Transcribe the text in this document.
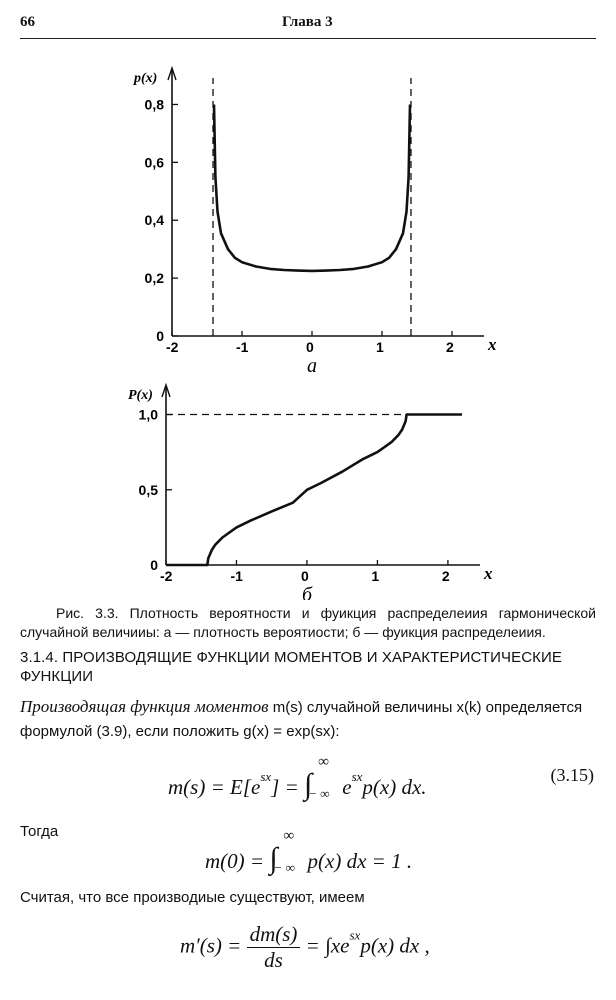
66	Глава 3
-2	-1	0	1	2
0
0,2
0,4
0,6
0,8
x
p(x)
а
-2	-1	0	1	2
0
0,5
1,0
x
P(x)
б
Рис. 3.3. Плотность вероятности и фуикция распределеиия гармонической случайной величииы: а — плотность вероятиости; б — фуикция распределеиия.
3.1.4. ПРОИЗВОДЯЩИЕ ФУНКЦИИ МОМЕНТОВ И ХАРАКТЕРИСТИЧЕСКИЕ ФУНКЦИИ
Производящая функция моментов m(s) случайной величины x(k) определяется формулой (3.9), если положить g(x) = exp(sx):
$m(s) = E[e^{sx}]$ = ∫
∞
− ∞ $e^{sx}p(x)$ dx.	(3.15)
Тогда
m(0) = ∫
∞
− ∞ p(x) dx = 1 .
Считая, что все производиые существуют, имеем
$m'(s) = \frac{dm(s)}{ds} = \int xe^{sx}p(x)$ dx ,
